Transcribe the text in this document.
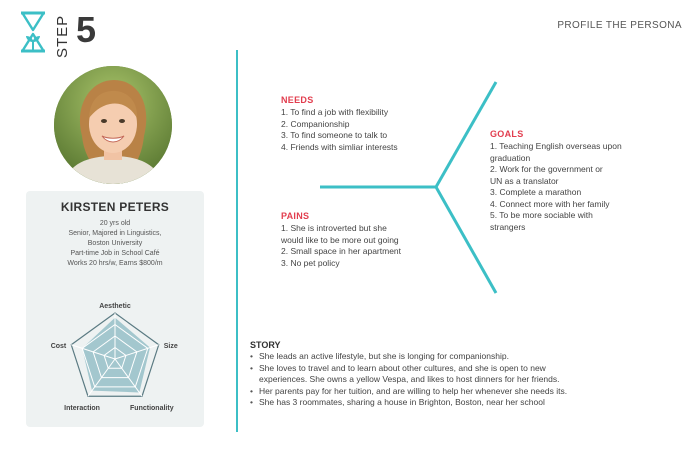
STEP 5	PROFILE THE PERSONA
KIRSTEN PETERS
20 yrs old
Senior, Majored in Linguistics,
Boston University
Part-time Job in School Café
Works 20 hrs/w, Earns $800/m
Aesthetic
Size
Functionality
Interaction
Cost
NEEDS
1. To find a job with flexibility
2. Companionship
3. To find someone to talk to
4. Friends with simliar interests
PAINS
1. She is introverted but she
would like to be more out going
2. Small space in her apartment
3. No pet policy
GOALS
1. Teaching English overseas upon
graduation
2. Work for the government or
UN as a translator
3. Complete a marathon
4. Connect more with her family
5. To be more sociable with
strangers
STORY
• She leads an active lifestyle, but she is longing for companionship.
• She loves to travel and to learn about other cultures, and she is open to new
experiences. She owns a yellow Vespa, and likes to host dinners for her friends.
• Her parents pay for her tuition, and are willing to help her whenever she needs its.
• She has 3 roommates, sharing a house in Brighton, Boston, near her school
